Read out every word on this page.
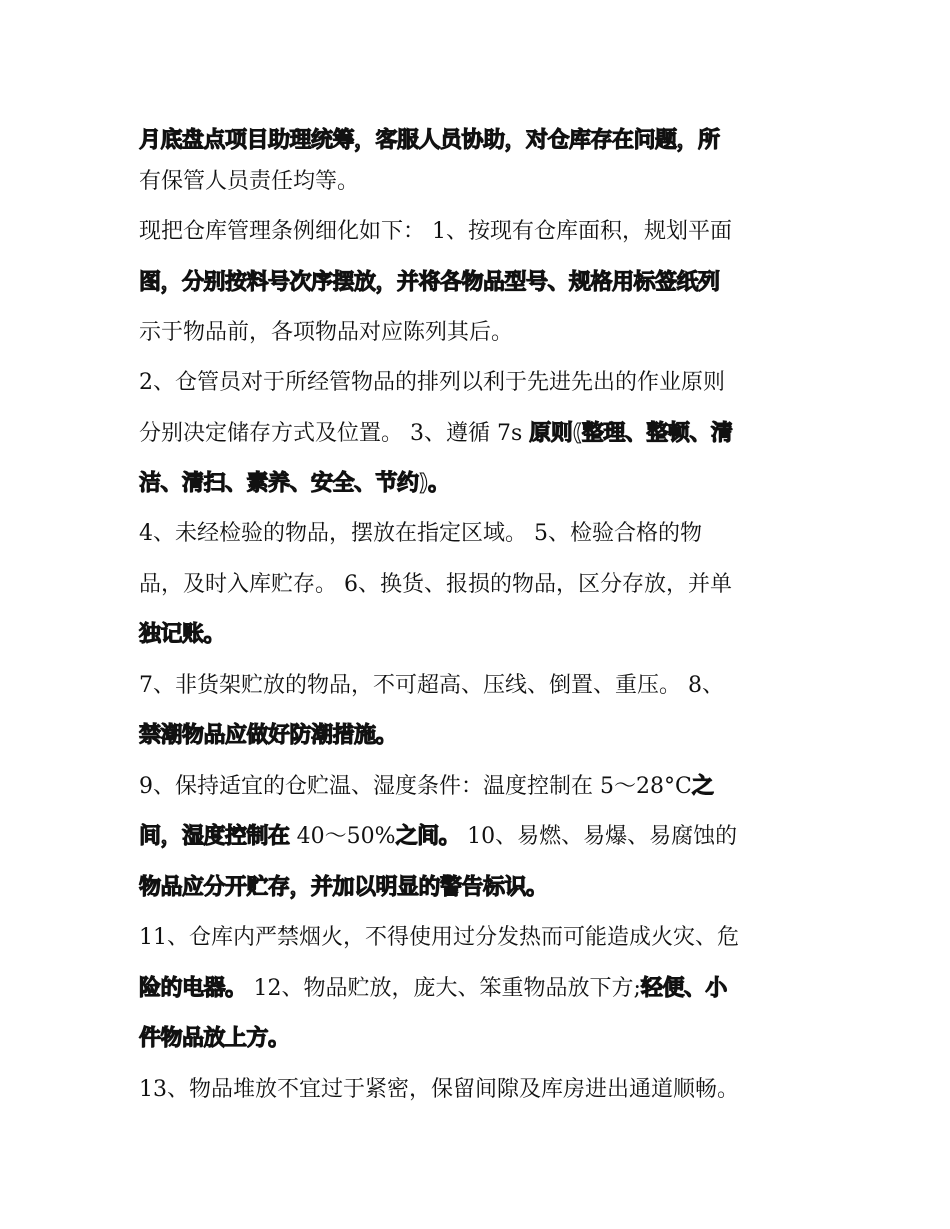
月底盘点项目助理统筹，客服人员协助，对仓库存在问题，所
有保管人员责任均等。
现把仓库管理条例细化如下： 1、按现有仓库面积，规划平面
图，分别按料号次序摆放，并将各物品型号、规格用标签纸列
示于物品前，各项物品对应陈列其后。
2、仓管员对于所经管物品的排列以利于先进先出的作业原则
分别决定储存方式及位置。 3、遵循 7s 原则(整理、整顿、清
洁、清扫、素养、安全、节约)。
4、未经检验的物品，摆放在指定区域。 5、检验合格的物
品，及时入库贮存。 6、换货、报损的物品，区分存放，并单
独记账。
7、非货架贮放的物品，不可超高、压线、倒置、重压。 8、
禁潮物品应做好防潮措施。
9、保持适宜的仓贮温、湿度条件：温度控制在 5～28°C之
间，湿度控制在 40～50%之间。 10、易燃、易爆、易腐蚀的
物品应分开贮存，并加以明显的警告标识。
11、仓库内严禁烟火，不得使用过分发热而可能造成火灾、危
险的电器。 12、物品贮放，庞大、笨重物品放下方;轻便、小
件物品放上方。
13、物品堆放不宜过于紧密，保留间隙及库房进出通道顺畅。
